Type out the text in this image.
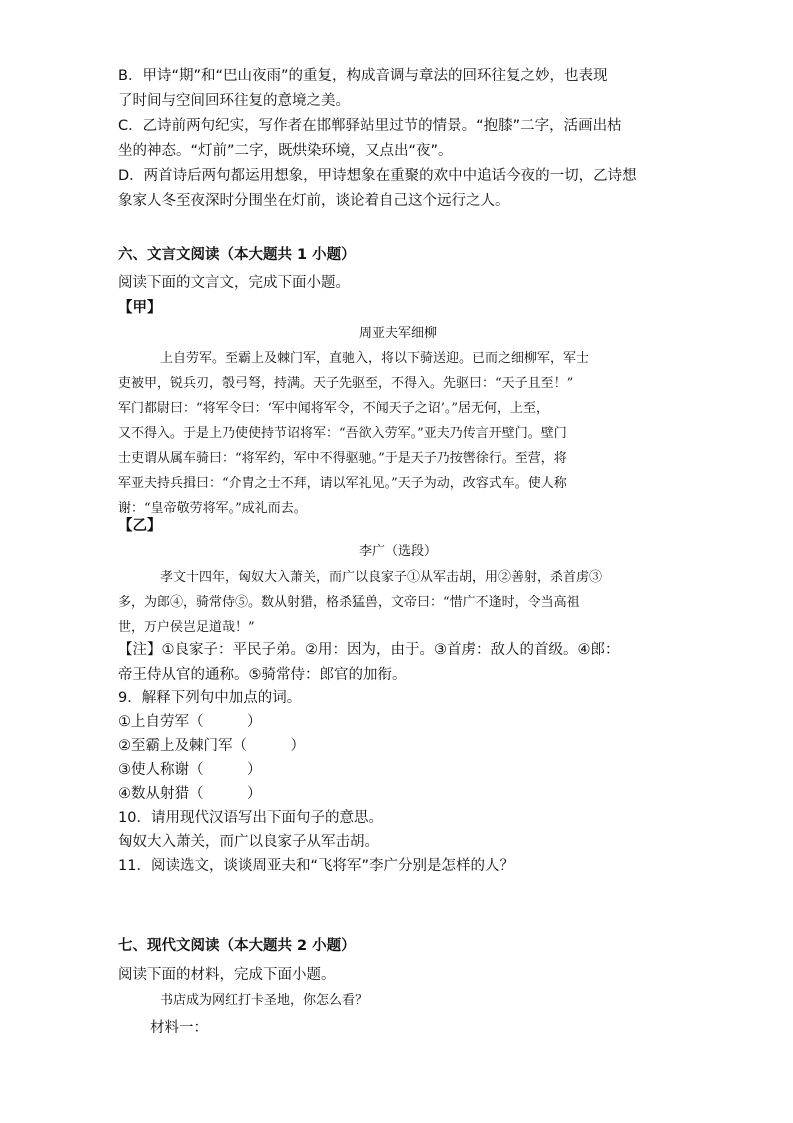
B．甲诗“期”和“巴山夜雨”的重复，构成音调与章法的回环往复之妙，也表现
了时间与空间回环往复的意境之美。
C．乙诗前两句纪实，写作者在邯郸驿站里过节的情景。“抱膝”二字，活画出枯
坐的神态。“灯前”二字，既烘染环境，又点出“夜”。
D．两首诗后两句都运用想象，甲诗想象在重聚的欢中中追话今夜的一切，乙诗想
象家人冬至夜深时分围坐在灯前，谈论着自己这个远行之人。
六、文言文阅读（本大题共 1 小题）
阅读下面的文言文，完成下面小题。
【甲】
周亚夫军细柳
上自劳军。至霸上及棘门军，直驰入，将以下骑送迎。已而之细柳军，军士
吏被甲，锐兵刃，彀弓弩，持满。天子先驱至，不得入。先驱曰：“天子且至！”
军门都尉曰：“将军令曰：‘军中闻将军令，不闻天子之诏’。”居无何，上至，
又不得入。于是上乃使使持节诏将军：“吾欲入劳军。”亚夫乃传言开壁门。壁门
士吏谓从属车骑曰：“将军约，军中不得驱驰。”于是天子乃按辔徐行。至营，将
军亚夫持兵揖曰：“介胄之士不拜，请以军礼见。”天子为动，改容式车。使人称
谢：“皇帝敬劳将军。”成礼而去。
【乙】
李广（选段）
孝文十四年，匈奴大入萧关，而广以良家子①从军击胡，用②善射，杀首虏③
多，为郎④，骑常侍⑤。数从射猎，格杀猛兽，文帝曰：“惜广不逢时，令当高祖
世，万户侯岂足道哉！”
【注】①良家子：平民子弟。②用：因为，由于。③首虏：敌人的首级。④郎：
帝王侍从官的通称。⑤骑常侍：郎官的加衔。
9．解释下列句中加点的词。
①上自劳军（　　　）
②至霸上及棘门军（　　　）
③使人称谢（　　　）
④数从射猎（　　　）
10．请用现代汉语写出下面句子的意思。
匈奴大入萧关，而广以良家子从军击胡。
11．阅读选文，谈谈周亚夫和“飞将军”李广分别是怎样的人？
七、现代文阅读（本大题共 2 小题）
阅读下面的材料，完成下面小题。
书店成为网红打卡圣地，你怎么看？
材料一：
